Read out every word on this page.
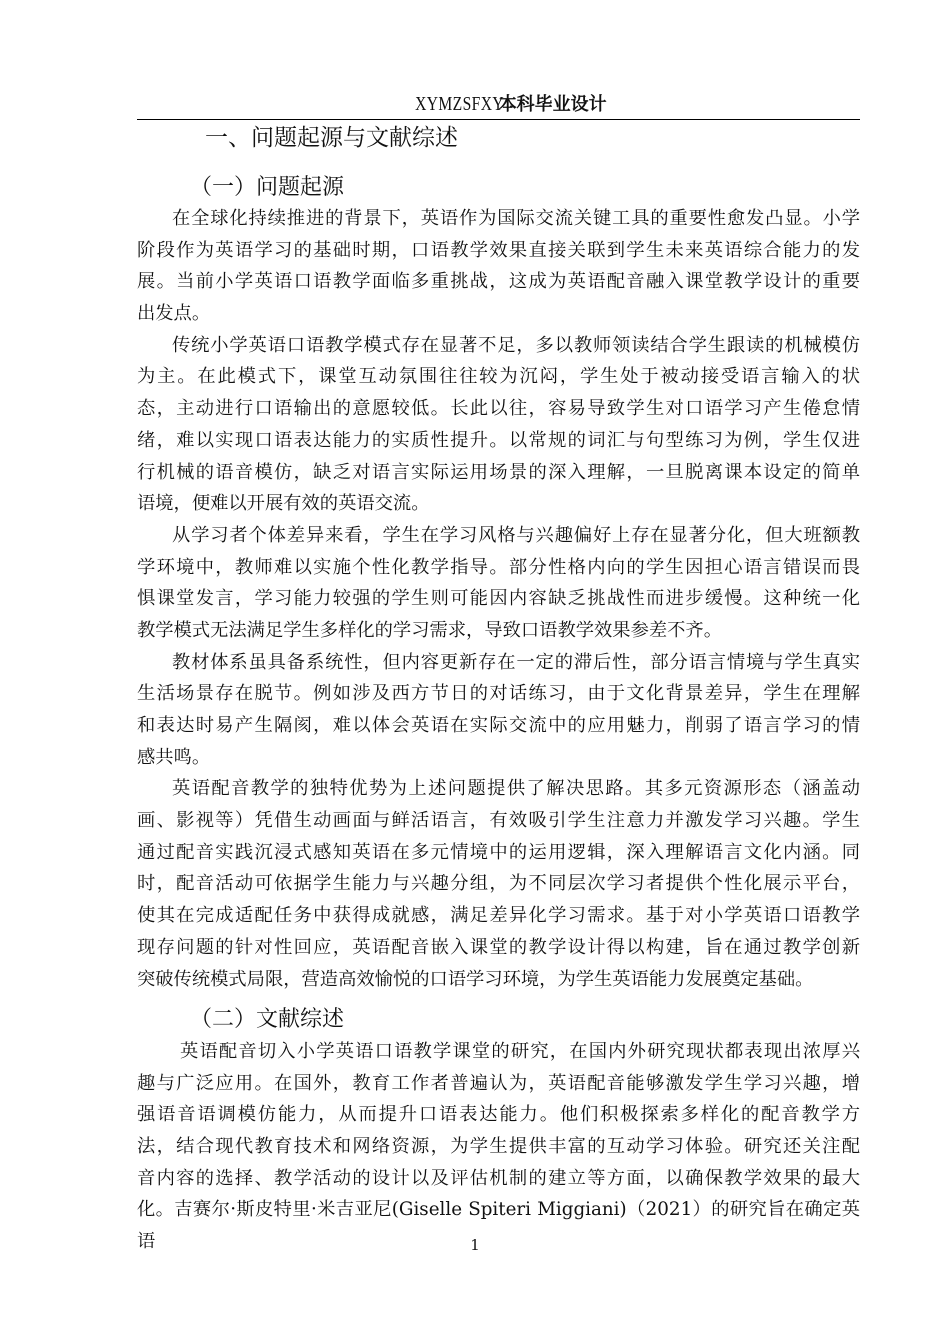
XYMZSFXY 本科毕业设计
一、问题起源与文献综述
（一）问题起源
在全球化持续推进的背景下，英语作为国际交流关键工具的重要性愈发凸显。小学
阶段作为英语学习的基础时期，口语教学效果直接关联到学生未来英语综合能力的发
展。当前小学英语口语教学面临多重挑战，这成为英语配音融入课堂教学设计的重要
出发点。
传统小学英语口语教学模式存在显著不足，多以教师领读结合学生跟读的机械模仿
为主。在此模式下，课堂互动氛围往往较为沉闷，学生处于被动接受语言输入的状
态，主动进行口语输出的意愿较低。长此以往，容易导致学生对口语学习产生倦怠情
绪，难以实现口语表达能力的实质性提升。以常规的词汇与句型练习为例，学生仅进
行机械的语音模仿，缺乏对语言实际运用场景的深入理解，一旦脱离课本设定的简单
语境，便难以开展有效的英语交流。
从学习者个体差异来看，学生在学习风格与兴趣偏好上存在显著分化，但大班额教
学环境中，教师难以实施个性化教学指导。部分性格内向的学生因担心语言错误而畏
惧课堂发言，学习能力较强的学生则可能因内容缺乏挑战性而进步缓慢。这种统一化
教学模式无法满足学生多样化的学习需求，导致口语教学效果参差不齐。
教材体系虽具备系统性，但内容更新存在一定的滞后性，部分语言情境与学生真实
生活场景存在脱节。例如涉及西方节日的对话练习，由于文化背景差异，学生在理解
和表达时易产生隔阂，难以体会英语在实际交流中的应用魅力，削弱了语言学习的情
感共鸣。
英语配音教学的独特优势为上述问题提供了解决思路。其多元资源形态（涵盖动
画、影视等）凭借生动画面与鲜活语言，有效吸引学生注意力并激发学习兴趣。学生
通过配音实践沉浸式感知英语在多元情境中的运用逻辑，深入理解语言文化内涵。同
时，配音活动可依据学生能力与兴趣分组，为不同层次学习者提供个性化展示平台，
使其在完成适配任务中获得成就感，满足差异化学习需求。基于对小学英语口语教学
现存问题的针对性回应，英语配音嵌入课堂的教学设计得以构建，旨在通过教学创新
突破传统模式局限，营造高效愉悦的口语学习环境，为学生英语能力发展奠定基础。
（二）文献综述
英语配音切入小学英语口语教学课堂的研究，在国内外研究现状都表现出浓厚兴
趣与广泛应用。在国外，教育工作者普遍认为，英语配音能够激发学生学习兴趣，增
强语音语调模仿能力，从而提升口语表达能力。他们积极探索多样化的配音教学方
法，结合现代教育技术和网络资源，为学生提供丰富的互动学习体验。研究还关注配
音内容的选择、教学活动的设计以及评估机制的建立等方面，以确保教学效果的最大
化。吉赛尔·斯皮特里·米吉亚尼(Giselle Spiteri Miggiani)（2021）的研究旨在确定英语	1
